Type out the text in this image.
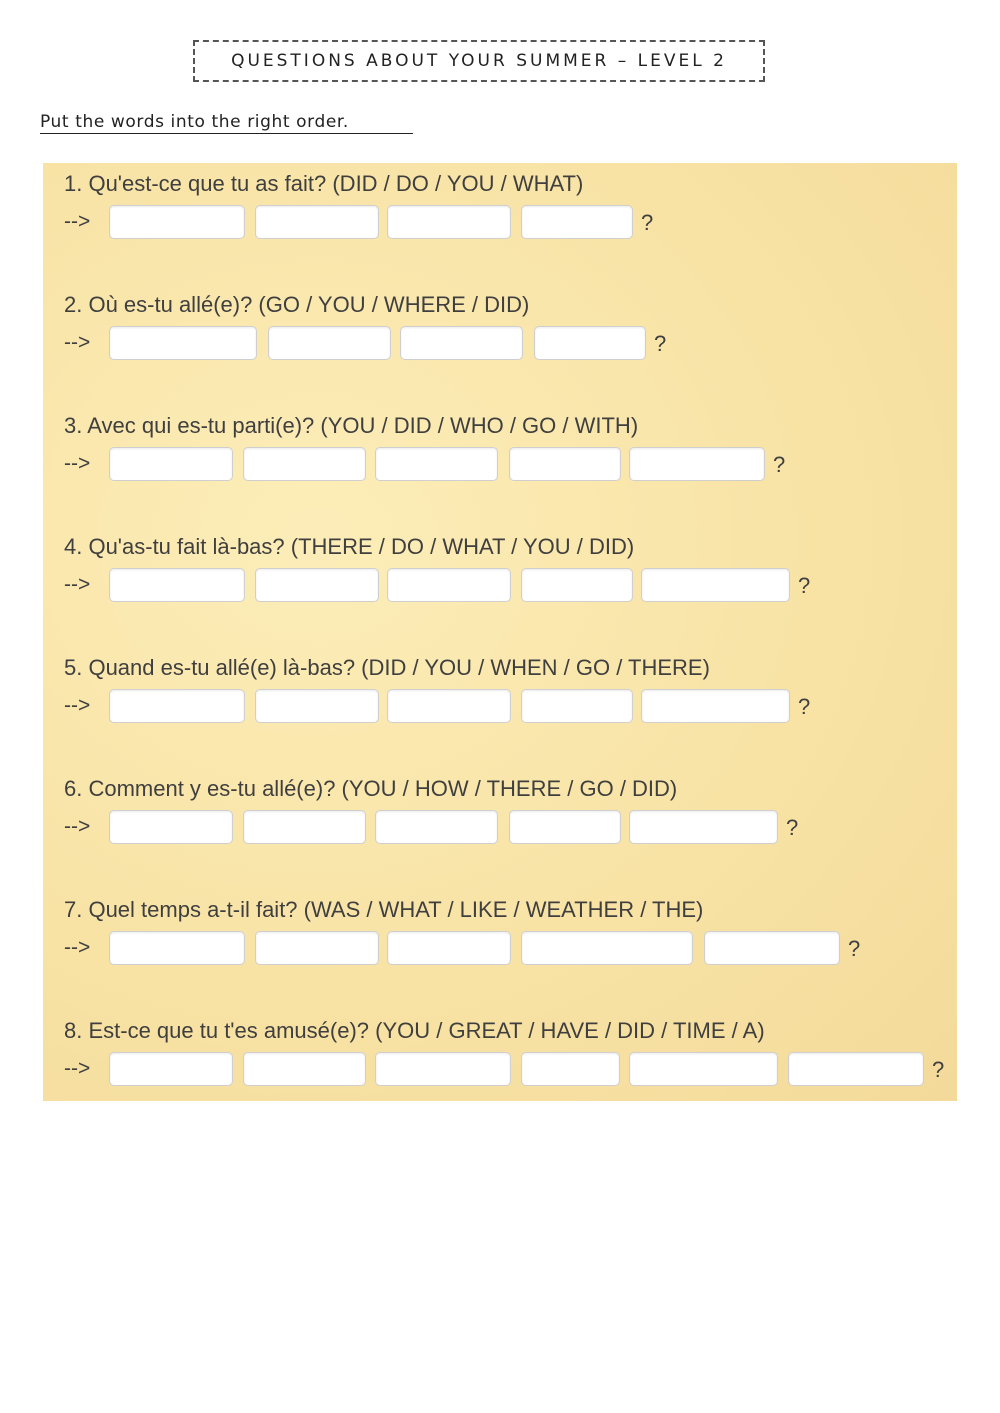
QUESTIONS ABOUT YOUR SUMMER – LEVEL 2
Put the words into the right order.
1. Qu'est-ce que tu as fait? (DID / DO / YOU / WHAT)
-->	?
2. Où es-tu allé(e)? (GO / YOU / WHERE / DID)
-->	?
3. Avec qui es-tu parti(e)? (YOU / DID / WHO / GO / WITH)
-->	?
4. Qu'as-tu fait là-bas? (THERE / DO / WHAT / YOU / DID)
-->	?
5. Quand es-tu allé(e) là-bas? (DID / YOU / WHEN / GO / THERE)
-->	?
6. Comment y es-tu allé(e)? (YOU / HOW / THERE / GO / DID)
-->	?
7. Quel temps a-t-il fait? (WAS / WHAT / LIKE / WEATHER / THE)
-->	?
8. Est-ce que tu t'es amusé(e)? (YOU / GREAT / HAVE / DID / TIME / A)
-->	?
